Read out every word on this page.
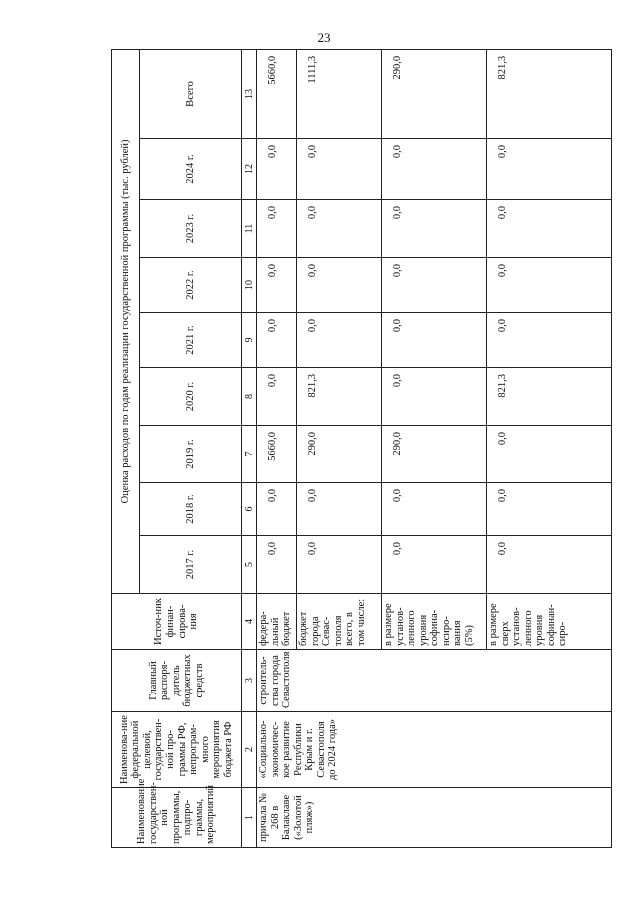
23
Наименование государствен-ной программы, подпро-граммы, мероприятий	Наименова-ние федеральной целевой, государствен-ной про-граммы РФ, непрограм-много мероприятия бюджета РФ	Главный распоря-дитель бюджетных средств	Источ-ник финан-сирова-ния	Оценка расходов по годам реализации государственной программы (тыс. рублей)								
				2017 г.	2018 г.	2019 г.	2020 г.	2021 г.	2022 г.	2023 г.	2024 г.	Всего
1	2	3	4	5	6	7	8	9	10	11	12	13
причала № 268 в Балаклаве («Золотой пляж»)	«Социально-экономичес-кое развитие Республики Крым и г. Севастополя до 2024 года»	строитель-ства города Севастополя	федера-льный бюджет	0,0	0,0	5660,0	0,0	0,0	0,0	0,0	0,0	5660,0
			бюджет города Севас-тополя всего, в том числе:	0,0	0,0	290,0	821,3	0,0	0,0	0,0	0,0	1111,3
			в размере установ-ленного уровня софина-нсиро-вания (5%)	0,0	0,0	290,0	0,0	0,0	0,0	0,0	0,0	290,0
			в размере сверх установ-ленного уровня софинан-сиро-	0,0	0,0	0,0	821,3	0,0	0,0	0,0	0,0	821,3
